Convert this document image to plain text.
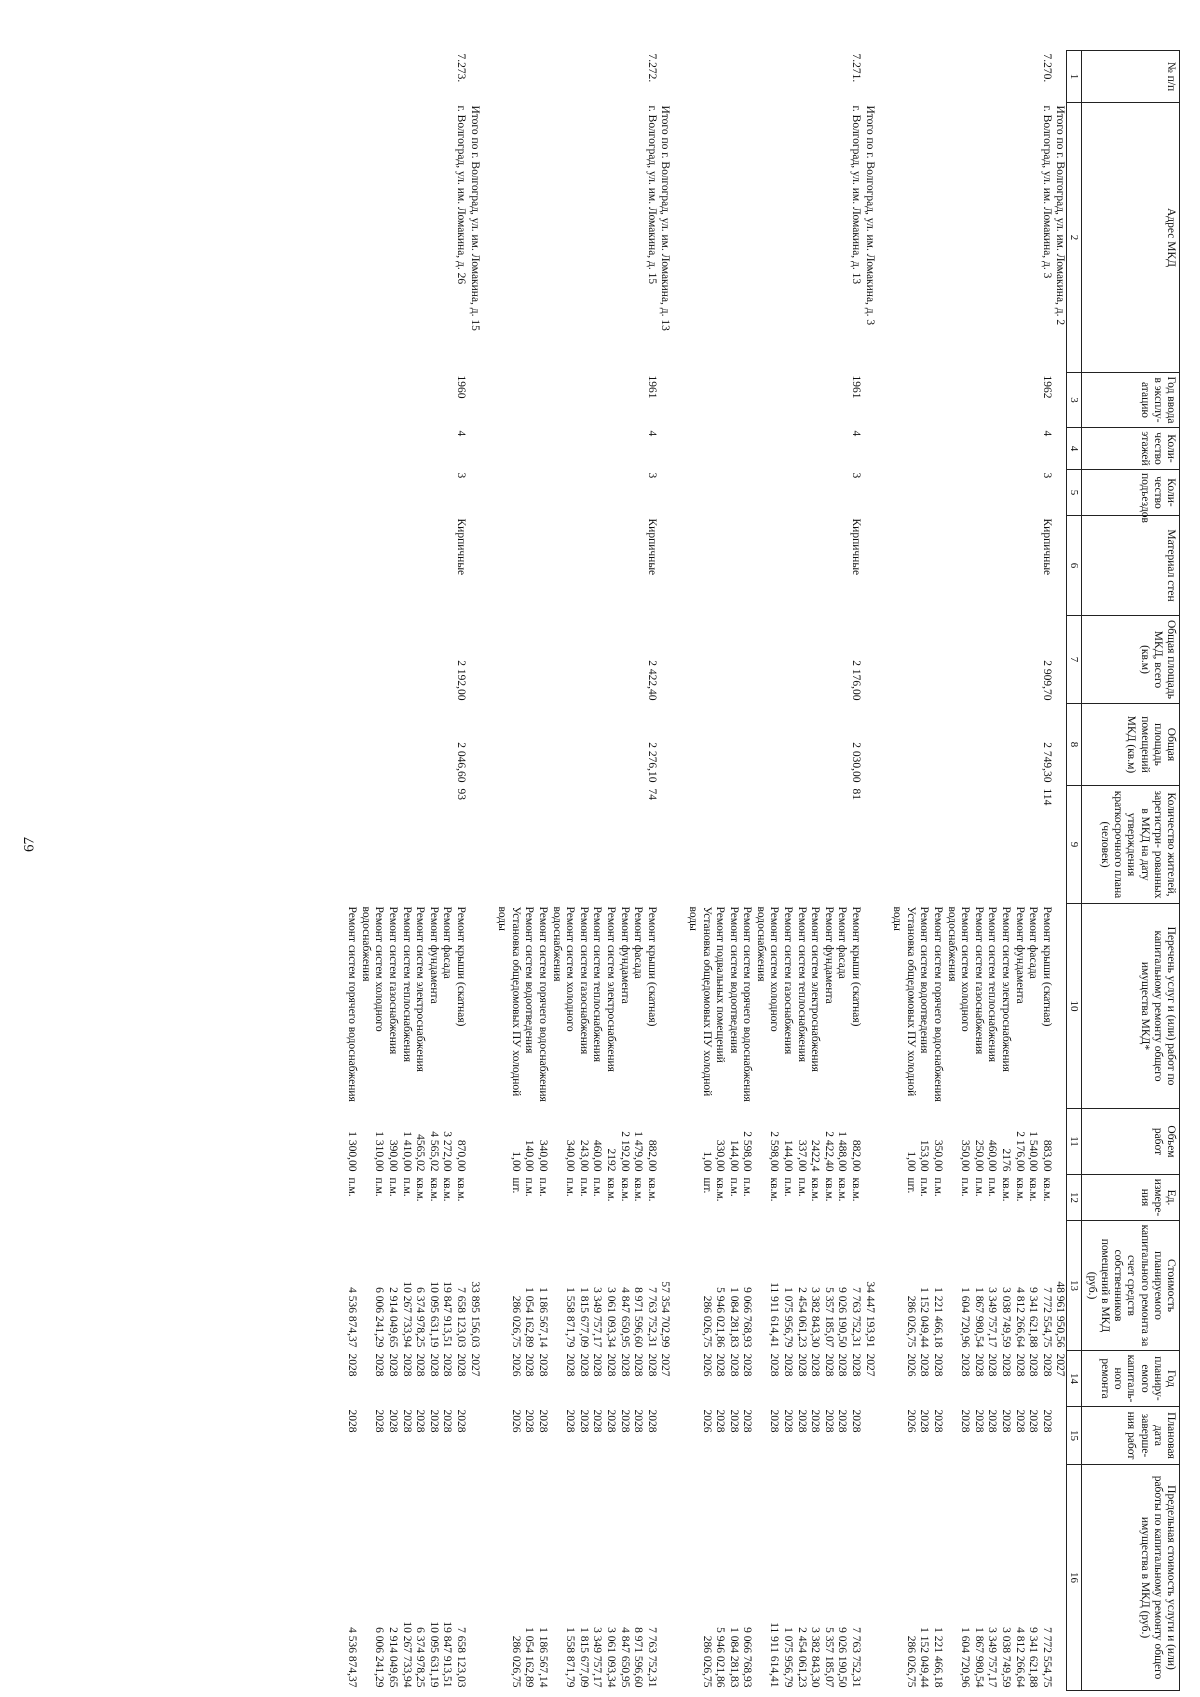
67
№ п/п	Адрес МКД	Год ввода в эксплу- атацию	Коли- чество этажей	Коли- чество подъездов	Материал стен	Общая площадь МКД, всего (кв.м)	Общая площадь помещений МКД (кв.м)	Количество жителей, зарегистри- рованных в МКД на дату утверждения краткосрочного плана (человек)	Перечень услуг и (или) работ по капитальному ремонту общего имущества МКД*	Объем работ	Ед. измере- ния	Стоимость планируемого капитального ремонта за счет средств собственников помещений в МКД (руб.)	Год планиру- емого капиталь- ного ремонта	Плановая дата заверше- ния работ	Предельная стоимость услуги и (или) работы по капитальному ремонту общего имущества в МКД (руб.)
1	2	3	4	5	6	7	8	9	10	11	12	13	14	15	16
	Итого по г. Волгоград, ул. им. Ломакина, д. 2											48 961 950,56	2027		
7.270.	г. Волгоград, ул. им. Ломакина, д. 3	1962	4	3	Кирпичные	2 909,70	2 749,30	114	Ремонт крыши (скатная)	883,00	кв.м.	7 772 554,75	2028	2028	7 772 554,75

									Ремонт фасада	1 540,00	кв.м.	9 341 621,88	2028	2028	9 341 621,88

									Ремонт фундамента	2 176,00	кв.м.	4 812 266,64	2028	2028	4 812 266,64

									Ремонт систем электроснабжения	2176	кв.м.	3 038 749,59	2028	2028	3 038 749,59

									Ремонт систем теплоснабжения	460,00	п.м.	3 349 757,17	2028	2028	3 349 757,17

									Ремонт систем газоснабжения	250,00	п.м.	1 867 980,54	2028	2028	1 867 980,54

									Ремонт систем холодного водоснабжения	350,00	п.м.	1 604 720,96	2028	2028	1 604 720,96

									Ремонт систем горячего водоснабжения	350,00	п.м.	1 221 466,18	2028	2028	1 221 466,18

									Ремонт систем водоотведения	153,00	п.м.	1 152 049,44	2028	2028	1 152 049,44

									Установка общедомовых ПУ холодной воды	1,00	шт.	286 026,75	2026	2026	286 026,75

	Итого по г. Волгоград, ул. им. Ломакина, д. 3											34 447 193,91	2027		
7.271.	г. Волгоград, ул. им. Ломакина, д. 13	1961	4	3	Кирпичные	2 176,00	2 030,00	81	Ремонт крыши (скатная)	882,00	кв.м.	7 763 752,31	2028	2028	7 763 752,31

									Ремонт фасада	1 488,00	кв.м.	9 026 190,50	2028	2028	9 026 190,50

									Ремонт фундамента	2 422,40	кв.м.	5 357 185,07	2028	2028	5 357 185,07

									Ремонт систем электроснабжения	2422,4	кв.м.	3 382 843,30	2028	2028	3 382 843,30

									Ремонт систем теплоснабжения	337,00	п.м.	2 454 061,23	2028	2028	2 454 061,23

									Ремонт систем газоснабжения	144,00	п.м.	1 075 956,79	2028	2028	1 075 956,79

									Ремонт систем холодного водоснабжения	2 598,00	кв.м.	11 911 614,41	2028	2028	11 911 614,41

									Ремонт систем горячего водоснабжения	2 598,00	п.м.	9 066 768,93	2028	2028	9 066 768,93

									Ремонт систем водоотведения	144,00	п.м.	1 084 281,83	2028	2028	1 084 281,83

									Ремонт подвальных помещений	330,00	кв.м.	5 946 021,86	2028	2028	5 946 021,86

									Установка общедомовых ПУ холодной воды	1,00	шт.	286 026,75	2026	2026	286 026,75

	Итого по г. Волгоград, ул. им. Ломакина, д. 13											57 354 702,99	2027		
7.272.	г. Волгоград, ул. им. Ломакина, д. 15	1961	4	3	Кирпичные	2 422,40	2 276,10	74	Ремонт крыши (скатная)	882,00	кв.м.	7 763 752,31	2028	2028	7 763 752,31

									Ремонт фасада	1 479,00	кв.м.	8 971 596,60	2028	2028	8 971 596,60

									Ремонт фундамента	2 192,00	кв.м.	4 847 650,95	2028	2028	4 847 650,95

									Ремонт систем электроснабжения	2192	кв.м.	3 061 093,34	2028	2028	3 061 093,34

									Ремонт систем теплоснабжения	460,00	п.м.	3 349 757,17	2028	2028	3 349 757,17

									Ремонт систем газоснабжения	243,00	п.м.	1 815 677,09	2028	2028	1 815 677,09

									Ремонт систем холодного водоснабжения	340,00	п.м.	1 558 871,79	2028	2028	1 558 871,79

									Ремонт систем горячего водоснабжения	340,00	п.м.	1 186 567,14	2028	2028	1 186 567,14

									Ремонт систем водоотведения	140,00	п.м.	1 054 162,89	2028	2028	1 054 162,89

									Установка общедомовых ПУ холодной воды	1,00	шт.	286 026,75	2026	2026	286 026,75

	Итого по г. Волгоград, ул. им. Ломакина, д. 15											33 895 156,03	2027		
7.273.	г. Волгоград, ул. им. Ломакина, д. 26	1960	4	3	Кирпичные	2 192,00	2 046,60	93	Ремонт крыши (скатная)	870,00	кв.м.	7 658 123,03	2028	2028	7 658 123,03

									Ремонт фасада	3 272,00	кв.м.	19 847 913,51	2028	2028	19 847 913,51

									Ремонт фундамента	4 565,02	кв.м.	10 095 631,19	2028	2028	10 095 631,19

									Ремонт систем электроснабжения	4565,02	кв.м.	6 374 978,25	2028	2028	6 374 978,25

									Ремонт систем теплоснабжения	1 410,00	п.м.	10 267 733,94	2028	2028	10 267 733,94

									Ремонт систем газоснабжения	390,00	п.м.	2 914 049,65	2028	2028	2 914 049,65

									Ремонт систем холодного водоснабжения	1 310,00	п.м.	6 006 241,29	2028	2028	6 006 241,29

									Ремонт систем горячего водоснабжения	1 300,00	п.м.	4 536 874,37	2028	2028	4 536 874,37
